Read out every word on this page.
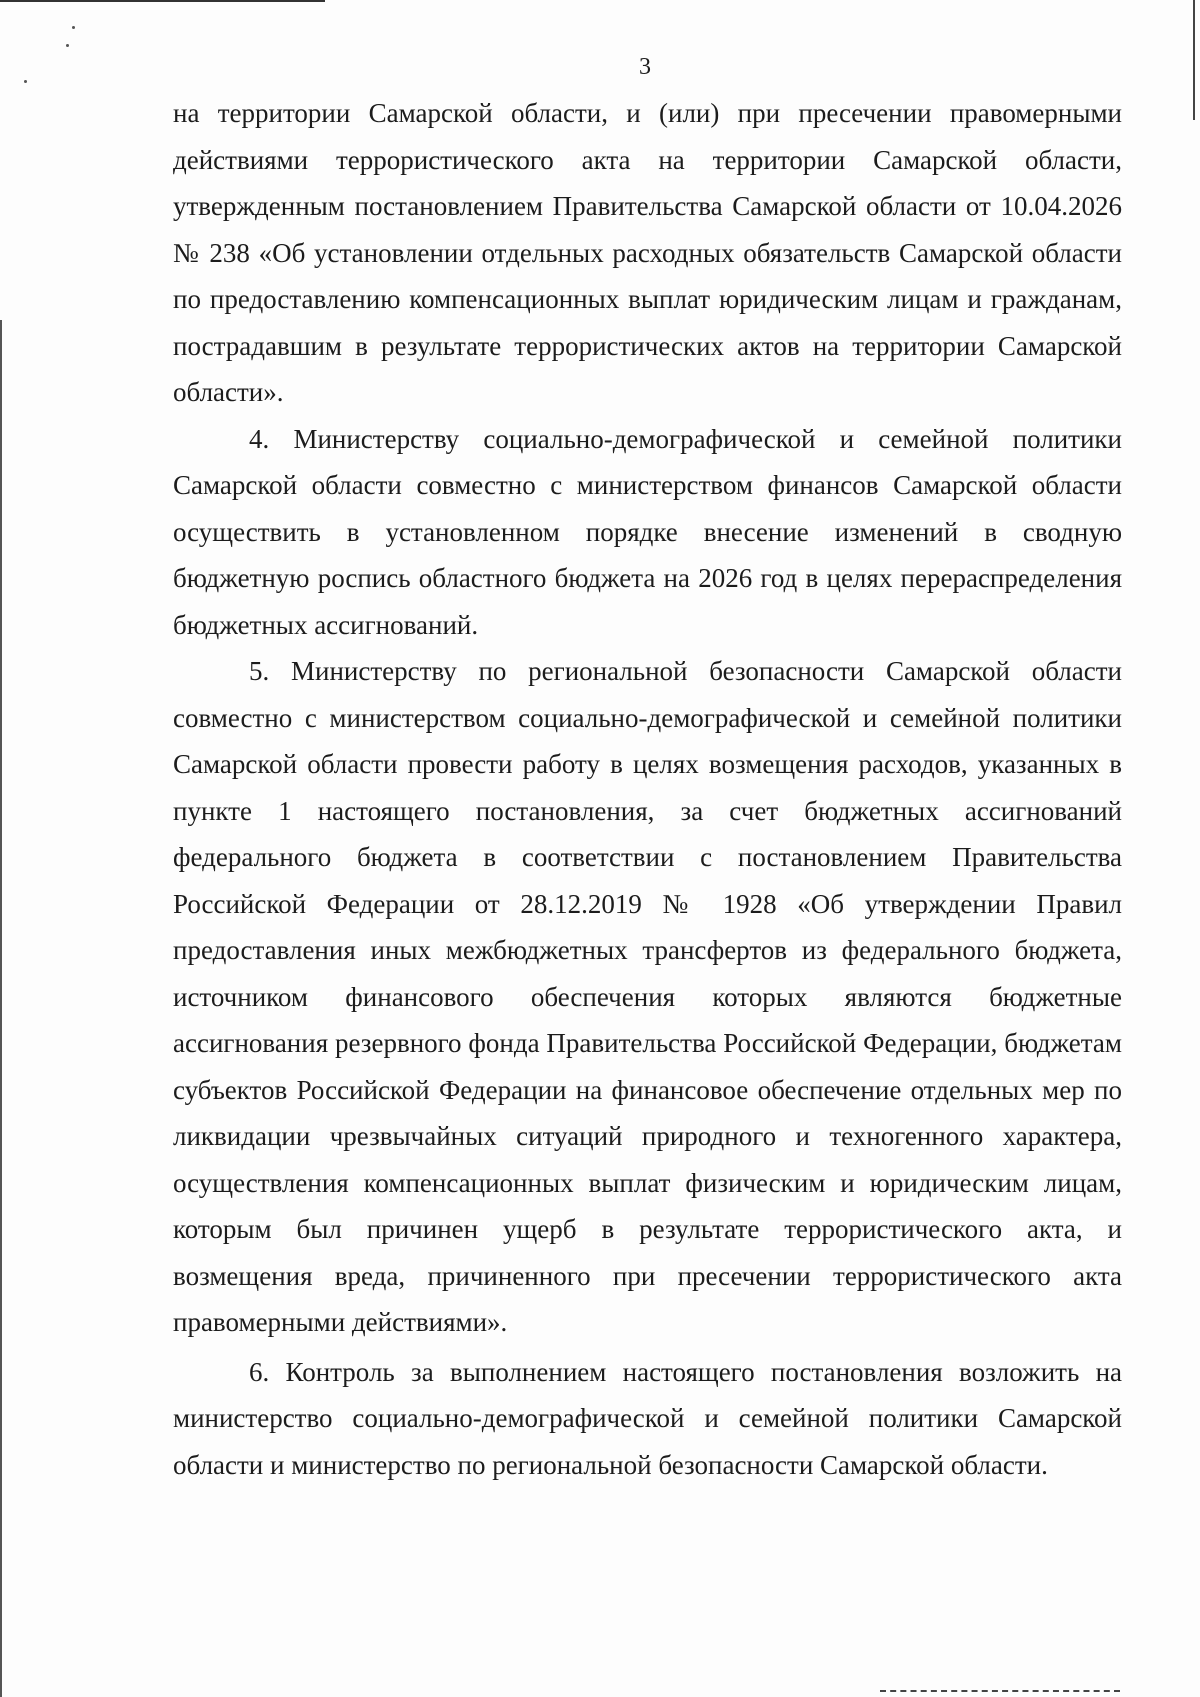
3

на территории Самарской области, и (или) при пресечении правомерными действиями террористического акта на территории Самарской области, утвержденным постановлением Правительства Самарской области от 10.04.2026 № 238 «Об установлении отдельных расходных обязательств Самарской области по предоставлению компенсационных выплат юридическим лицам и гражданам, пострадавшим в результате террористических актов на территории Самарской области».

4. Министерству социально-демографической и семейной политики Самарской области совместно с министерством финансов Самарской области осуществить в установленном порядке внесение изменений в сводную бюджетную роспись областного бюджета на 2026 год в целях перераспределения бюджетных ассигнований.

5. Министерству по региональной безопасности Самарской области совместно с министерством социально-демографической и семейной политики Самарской области провести работу в целях возмещения расходов, указанных в пункте 1 настоящего постановления, за счет бюджетных ассигнований федерального бюджета в соответствии с постановлением Правительства Российской Федерации от 28.12.2019 № 1928 «Об утверждении Правил предоставления иных межбюджетных трансфертов из федерального бюджета, источником финансового обеспечения которых являются бюджетные ассигнования резервного фонда Правительства Российской Федерации, бюджетам субъектов Российской Федерации на финансовое обеспечение отдельных мер по ликвидации чрезвычайных ситуаций природного и техногенного характера, осуществления компенсационных выплат физическим и юридическим лицам, которым был причинен ущерб в результате террористического акта, и возмещения вреда, причиненного при пресечении террористического акта правомерными действиями».

6. Контроль за выполнением настоящего постановления возложить на министерство социально-демографической и семейной политики Самарской области и министерство по региональной безопасности Самарской области.
